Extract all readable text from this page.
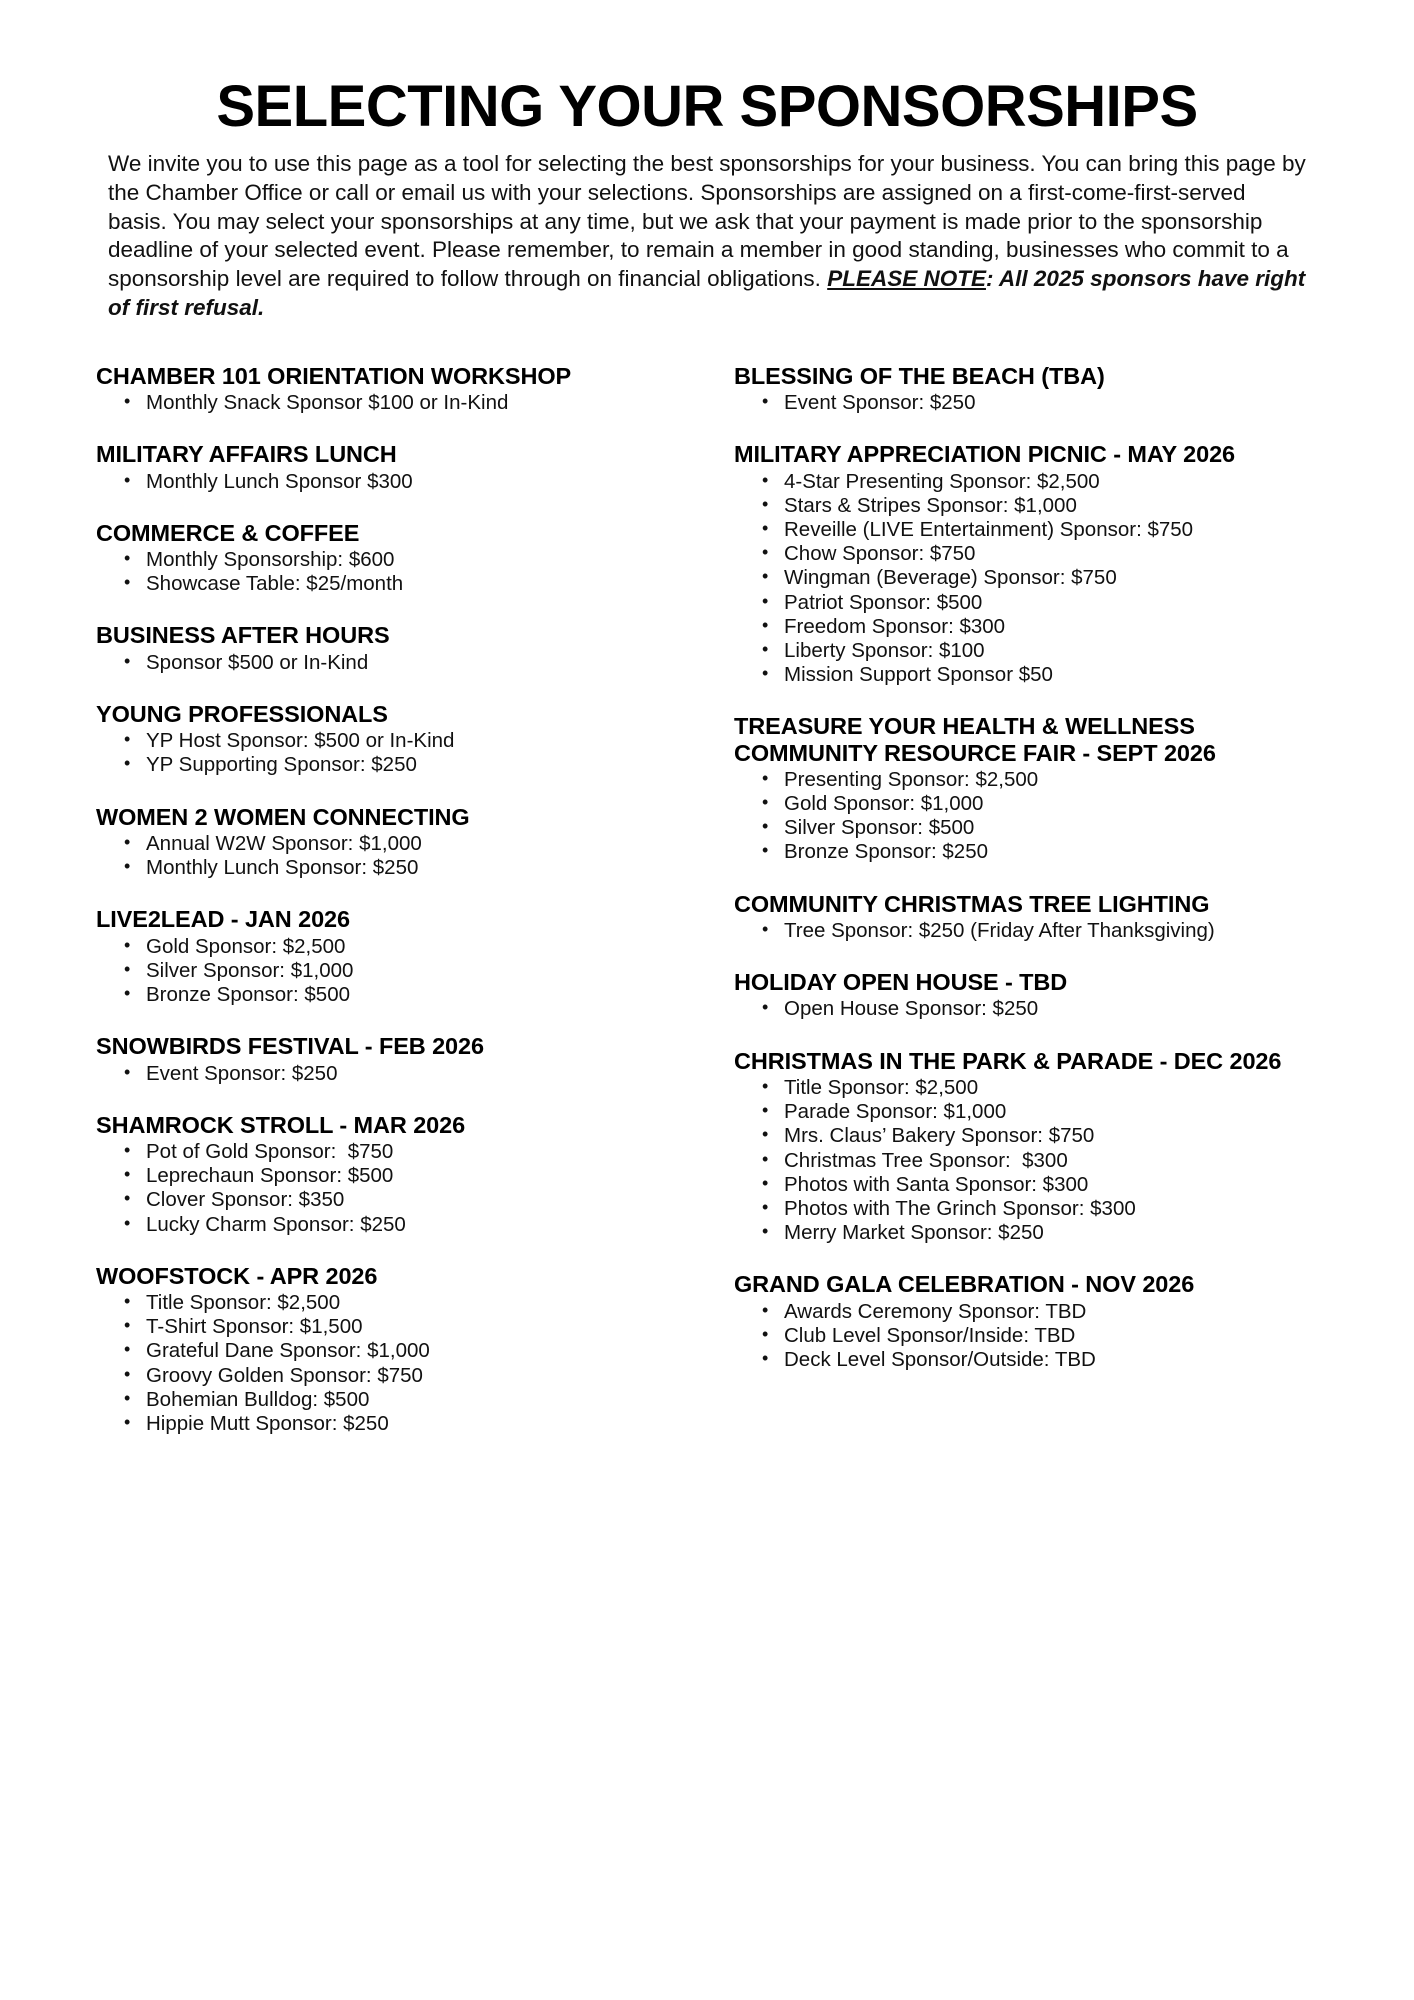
SELECTING YOUR SPONSORSHIPS

We invite you to use this page as a tool for selecting the best sponsorships for your business. You can bring this page by the Chamber Office or call or email us with your selections. Sponsorships are assigned on a first-come-first-served basis. You may select your sponsorships at any time, but we ask that your payment is made prior to the sponsorship deadline of your selected event. Please remember, to remain a member in good standing, businesses who commit to a sponsorship level are required to follow through on financial obligations. PLEASE NOTE: All 2025 sponsors have right of first refusal.

CHAMBER 101 ORIENTATION WORKSHOP
• Monthly Snack Sponsor $100 or In-Kind
MILITARY AFFAIRS LUNCH
• Monthly Lunch Sponsor $300
COMMERCE & COFFEE
• Monthly Sponsorship: $600
• Showcase Table: $25/month
BUSINESS AFTER HOURS
• Sponsor $500 or In-Kind
YOUNG PROFESSIONALS
• YP Host Sponsor: $500 or In-Kind
• YP Supporting Sponsor: $250
WOMEN 2 WOMEN CONNECTING
• Annual W2W Sponsor: $1,000
• Monthly Lunch Sponsor: $250
LIVE2LEAD - JAN 2026
• Gold Sponsor: $2,500
• Silver Sponsor: $1,000
• Bronze Sponsor: $500
SNOWBIRDS FESTIVAL - FEB 2026
• Event Sponsor: $250
SHAMROCK STROLL - MAR 2026
• Pot of Gold Sponsor:  $750
• Leprechaun Sponsor: $500
• Clover Sponsor: $350
• Lucky Charm Sponsor: $250
WOOFSTOCK - APR 2026
• Title Sponsor: $2,500
• T-Shirt Sponsor: $1,500
• Grateful Dane Sponsor: $1,000
• Groovy Golden Sponsor: $750
• Bohemian Bulldog: $500
• Hippie Mutt Sponsor: $250
BLESSING OF THE BEACH (TBA)
• Event Sponsor: $250
MILITARY APPRECIATION PICNIC - MAY 2026
• 4-Star Presenting Sponsor: $2,500
• Stars & Stripes Sponsor: $1,000
• Reveille (LIVE Entertainment) Sponsor: $750
• Chow Sponsor: $750
• Wingman (Beverage) Sponsor: $750
• Patriot Sponsor: $500
• Freedom Sponsor: $300
• Liberty Sponsor: $100
• Mission Support Sponsor $50
TREASURE YOUR HEALTH & WELLNESS COMMUNITY RESOURCE FAIR - SEPT 2026
• Presenting Sponsor: $2,500
• Gold Sponsor: $1,000
• Silver Sponsor: $500
• Bronze Sponsor: $250
COMMUNITY CHRISTMAS TREE LIGHTING
• Tree Sponsor: $250 (Friday After Thanksgiving)
HOLIDAY OPEN HOUSE - TBD
• Open House Sponsor: $250
CHRISTMAS IN THE PARK & PARADE - DEC 2026
• Title Sponsor: $2,500
• Parade Sponsor: $1,000
• Mrs. Claus’ Bakery Sponsor: $750
• Christmas Tree Sponsor:  $300
• Photos with Santa Sponsor: $300
• Photos with The Grinch Sponsor: $300
• Merry Market Sponsor: $250
GRAND GALA CELEBRATION - NOV 2026
• Awards Ceremony Sponsor: TBD
• Club Level Sponsor/Inside: TBD
• Deck Level Sponsor/Outside: TBD
